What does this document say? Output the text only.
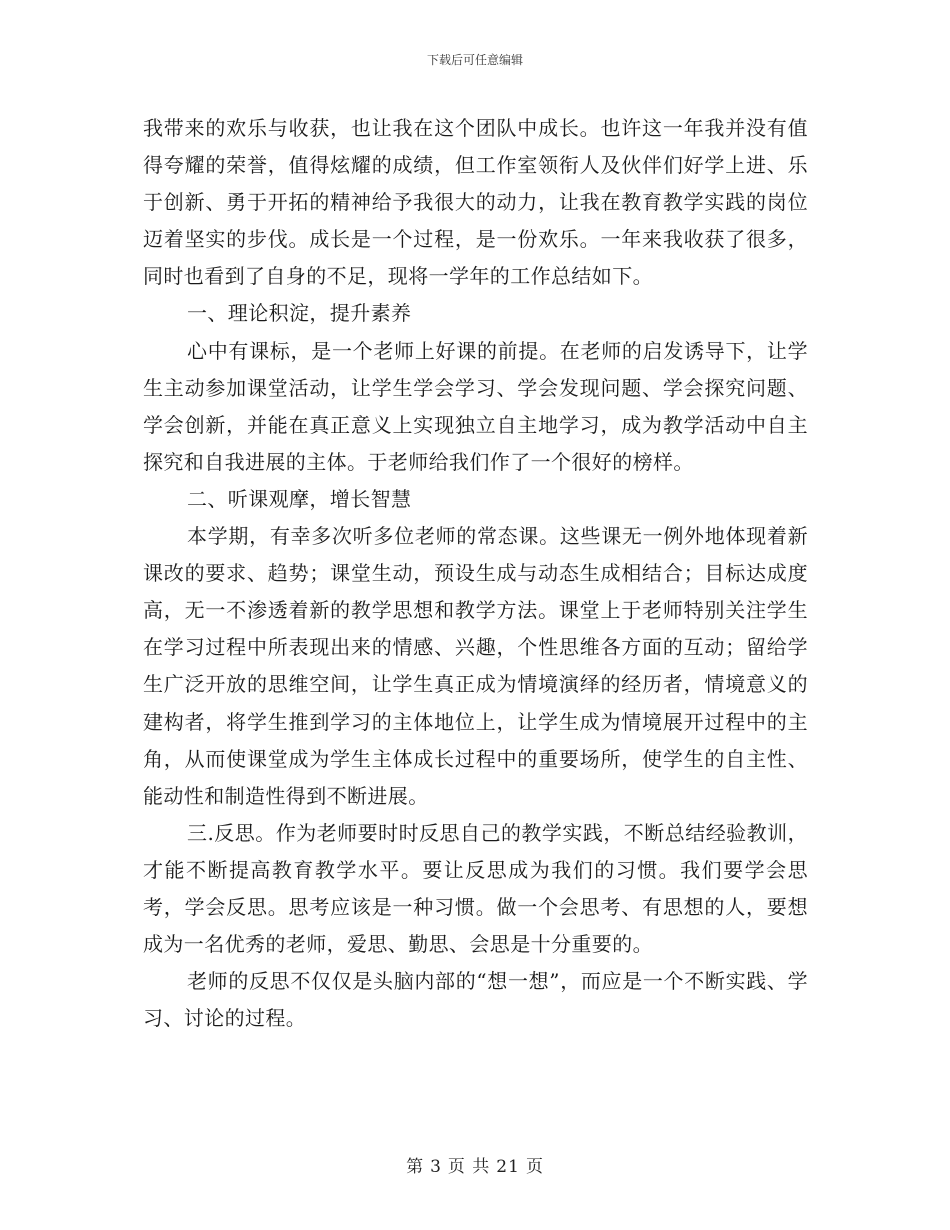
下载后可任意编辑

我带来的欢乐与收获，也让我在这个团队中成长。也许这一年我并没有值得夸耀的荣誉，值得炫耀的成绩，但工作室领衔人及伙伴们好学上进、乐于创新、勇于开拓的精神给予我很大的动力，让我在教育教学实践的岗位迈着坚实的步伐。成长是一个过程，是一份欢乐。一年来我收获了很多，同时也看到了自身的不足，现将一学年的工作总结如下。

一、理论积淀，提升素养

心中有课标，是一个老师上好课的前提。在老师的启发诱导下，让学生主动参加课堂活动，让学生学会学习、学会发现问题、学会探究问题、学会创新，并能在真正意义上实现独立自主地学习，成为教学活动中自主探究和自我进展的主体。于老师给我们作了一个很好的榜样。

二、听课观摩，增长智慧

本学期，有幸多次听多位老师的常态课。这些课无一例外地体现着新课改的要求、趋势；课堂生动，预设生成与动态生成相结合；目标达成度高，无一不渗透着新的教学思想和教学方法。课堂上于老师特别关注学生在学习过程中所表现出来的情感、兴趣，个性思维各方面的互动；留给学生广泛开放的思维空间，让学生真正成为情境演绎的经历者，情境意义的建构者，将学生推到学习的主体地位上，让学生成为情境展开过程中的主角，从而使课堂成为学生主体成长过程中的重要场所，使学生的自主性、能动性和制造性得到不断进展。

三.反思。作为老师要时时反思自己的教学实践，不断总结经验教训，才能不断提高教育教学水平。要让反思成为我们的习惯。我们要学会思考，学会反思。思考应该是一种习惯。做一个会思考、有思想的人，要想成为一名优秀的老师，爱思、勤思、会思是十分重要的。

老师的反思不仅仅是头脑内部的“想一想”，而应是一个不断实践、学习、讨论的过程。

第 3 页 共 21 页
